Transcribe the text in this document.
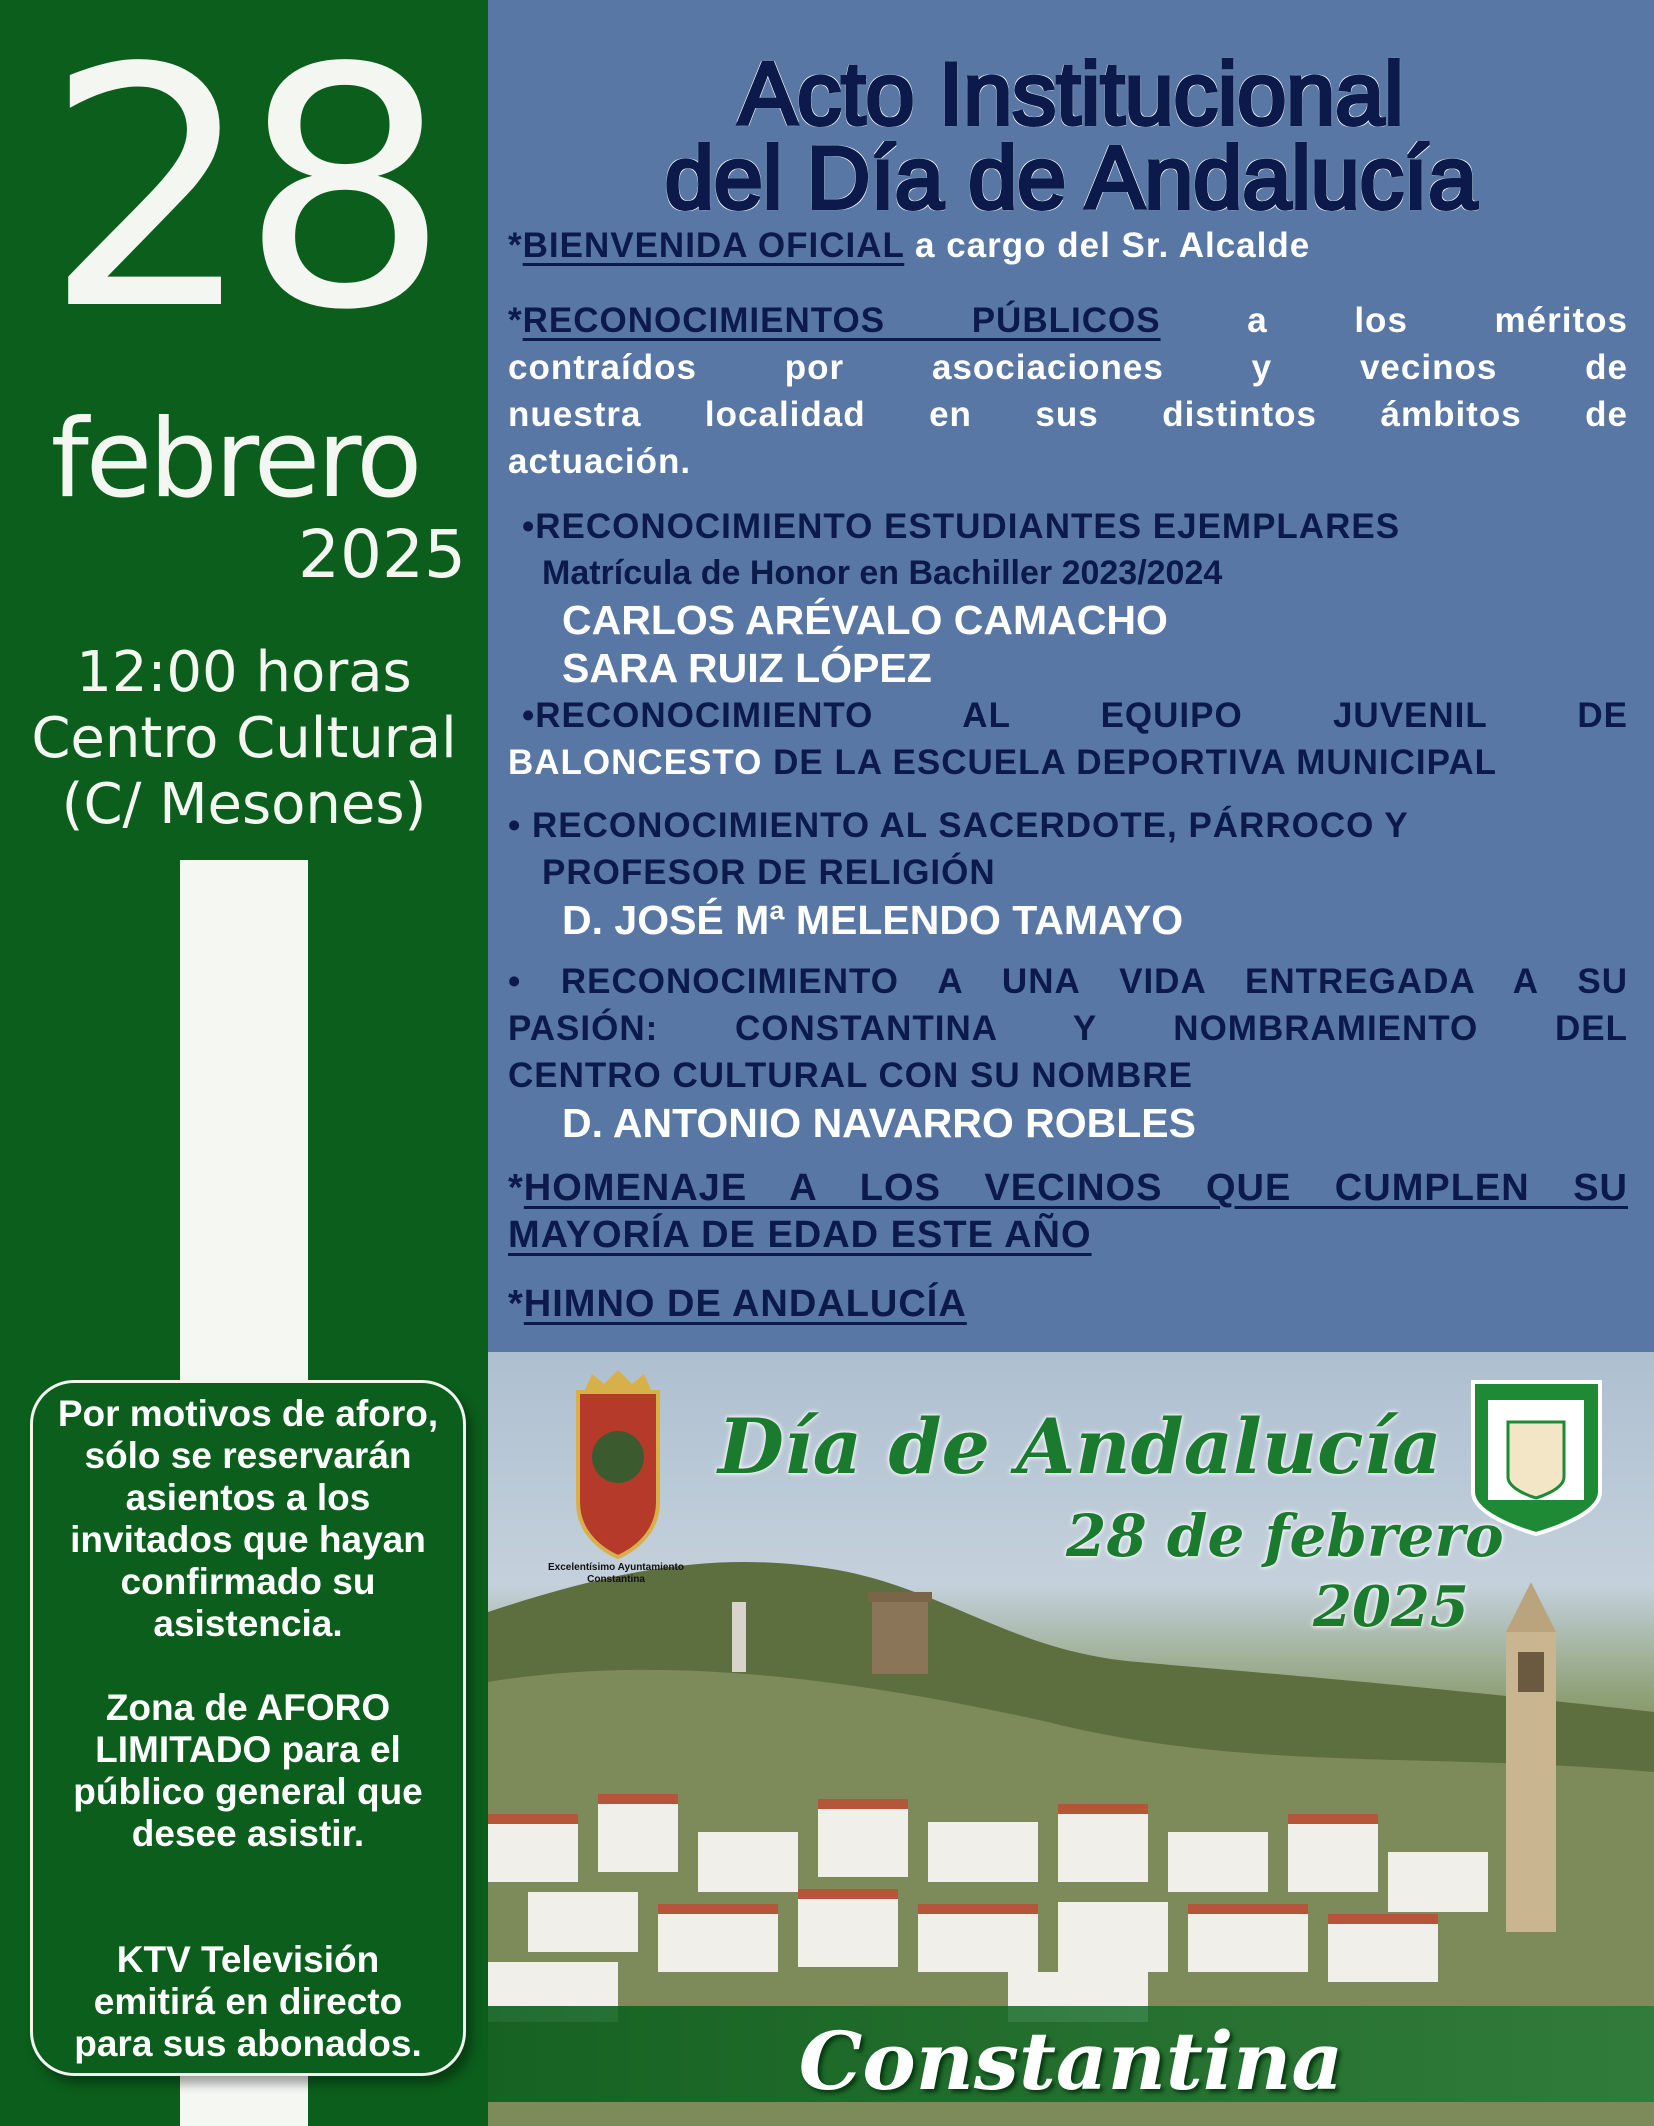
28
febrero
2025
12:00 horas
Centro Cultural
(C/ Mesones)

Por motivos de aforo, sólo se reservarán asientos a los invitados que hayan confirmado su asistencia.

Zona de AFORO LIMITADO para el público general que desee asistir.

KTV Televisión emitirá en directo para sus abonados.

Acto Institucional
del Día de Andalucía
*BIENVENIDA OFICIAL a cargo del Sr. Alcalde
*RECONOCIMIENTOS PÚBLICOS a los méritos
contraídos por asociaciones y vecinos de
nuestra localidad en sus distintos ámbitos de
actuación.
•RECONOCIMIENTO ESTUDIANTES EJEMPLARES
Matrícula de Honor en Bachiller 2023/2024
CARLOS ARÉVALO CAMACHO
SARA RUIZ LÓPEZ
•RECONOCIMIENTO AL EQUIPO JUVENIL DE
BALONCESTO DE LA ESCUELA DEPORTIVA MUNICIPAL
• RECONOCIMIENTO AL SACERDOTE, PÁRROCO Y
PROFESOR DE RELIGIÓN
D. JOSÉ Mª MELENDO TAMAYO
• RECONOCIMIENTO A UNA VIDA ENTREGADA A SU
PASIÓN: CONSTANTINA Y NOMBRAMIENTO DEL
CENTRO CULTURAL CON SU NOMBRE
D. ANTONIO NAVARRO ROBLES
*HOMENAJE A LOS VECINOS QUE CUMPLEN SU
MAYORÍA DE EDAD ESTE AÑO
*HIMNO DE ANDALUCÍA
Excelentísimo Ayuntamiento
Constantina
PARA ESPAÑA
Día de Andalucía
28 de febrero
2025
Constantina
